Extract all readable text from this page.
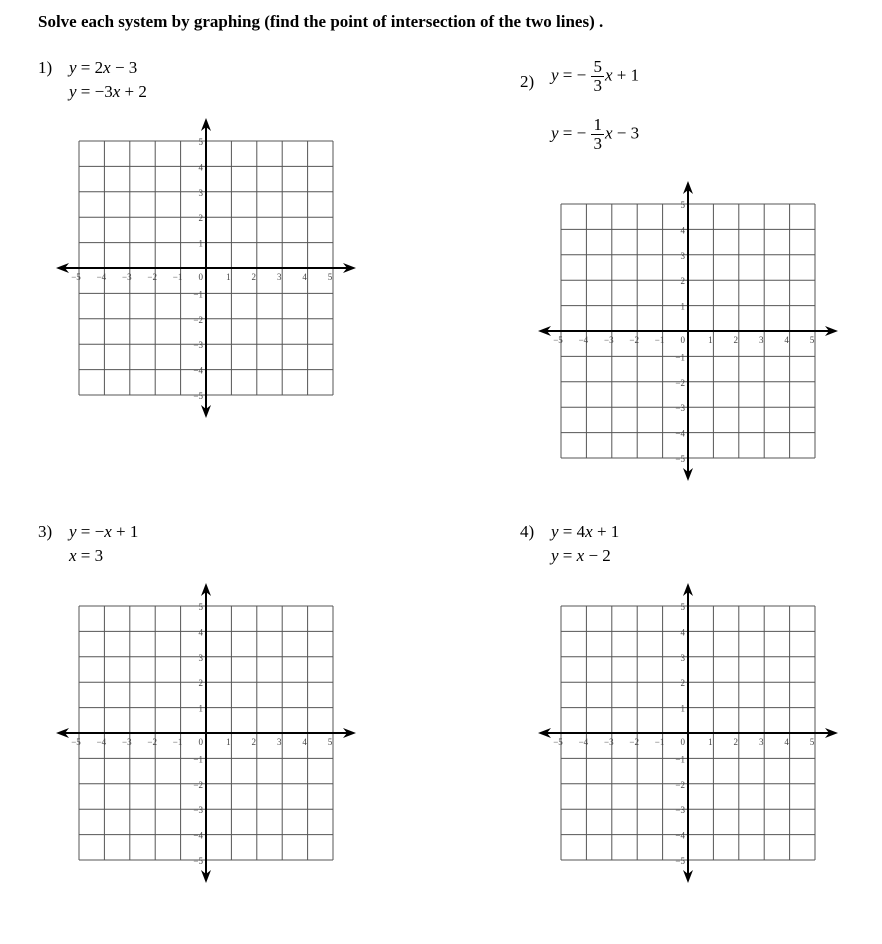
Solve each system by graphing (find the point of intersection of the two lines) .
1) y = 2x − 3
y = −3x + 2
2) y = − $\frac{5}{3}$ x + 1
y = − $\frac{1}{3}$ x − 3
3) y = −x + 1
x = 3
4) y = 4x + 1
y = x − 2
−5 −4 −3 −2 −1	1 2 3 4 5
5
4
3
2
1
−1
−2
−3
−4
−5
0
−5 −4 −3 −2 −1	1 2 3 4 5
5
4
3
2
1
−1
−2
−3
−4
−5
0
−5 −4 −3 −2 −1	1 2 3 4 5
5
4
3
2
1
−1
−2
−3
−4
−5
0	−5 −4 −3 −2 −1	1 2 3 4 5
5
4
3
2
1
−1
−2
−3
−4
−5
0
